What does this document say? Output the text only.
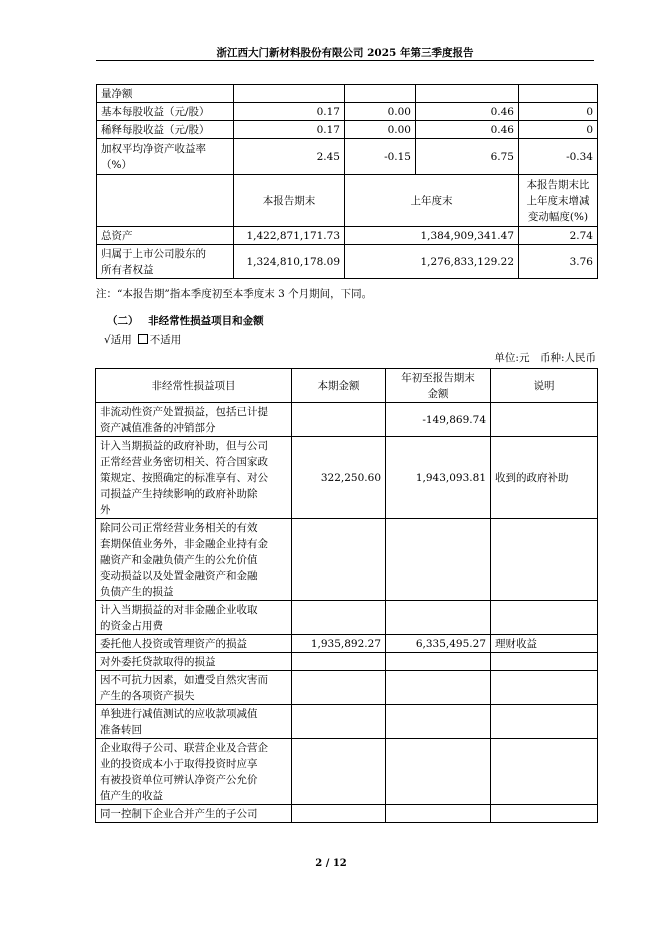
浙江西大门新材料股份有限公司 2025 年第三季度报告
量净额				
基本每股收益（元/股）	0.17	0.00	0.46	0
稀释每股收益（元/股）	0.17	0.00	0.46	0

加权平均净资产收益率
（%）	2.45	-0.15	6.75	-0.34
	本报告期末	上年度末		本报告期末比
上年度末增减
变动幅度(%)

总资产	1,422,871,171.73	1,384,909,341.47		2.74

归属于上市公司股东的
所有者权益	1,324,810,178.09	1,276,833,129.22		3.76
注：“本报告期”指本季度初至本季度末 3 个月期间，下同。
（二） 非经常性损益项目和金额
√适用 不适用
单位:元　币种:人民币
非经常性损益项目	本期金额	年初至报告期末
金额	说明

非流动性资产处置损益，包括已计提
资产减值准备的冲销部分		-149,869.74	

计入当期损益的政府补助，但与公司
正常经营业务密切相关、符合国家政
策规定、按照确定的标准享有、对公
司损益产生持续影响的政府补助除
外	322,250.60	1,943,093.81	收到的政府补助

除同公司正常经营业务相关的有效
套期保值业务外，非金融企业持有金
融资产和金融负债产生的公允价值
变动损益以及处置金融资产和金融
负债产生的损益			

计入当期损益的对非金融企业收取
的资金占用费			

委托他人投资或管理资产的损益	1,935,892.27	6,335,495.27	理财收益

对外委托贷款取得的损益			

因不可抗力因素，如遭受自然灾害而
产生的各项资产损失			

单独进行减值测试的应收款项减值
准备转回			

企业取得子公司、联营企业及合营企
业的投资成本小于取得投资时应享
有被投资单位可辨认净资产公允价
值产生的收益			

同一控制下企业合并产生的子公司			

2 / 12
